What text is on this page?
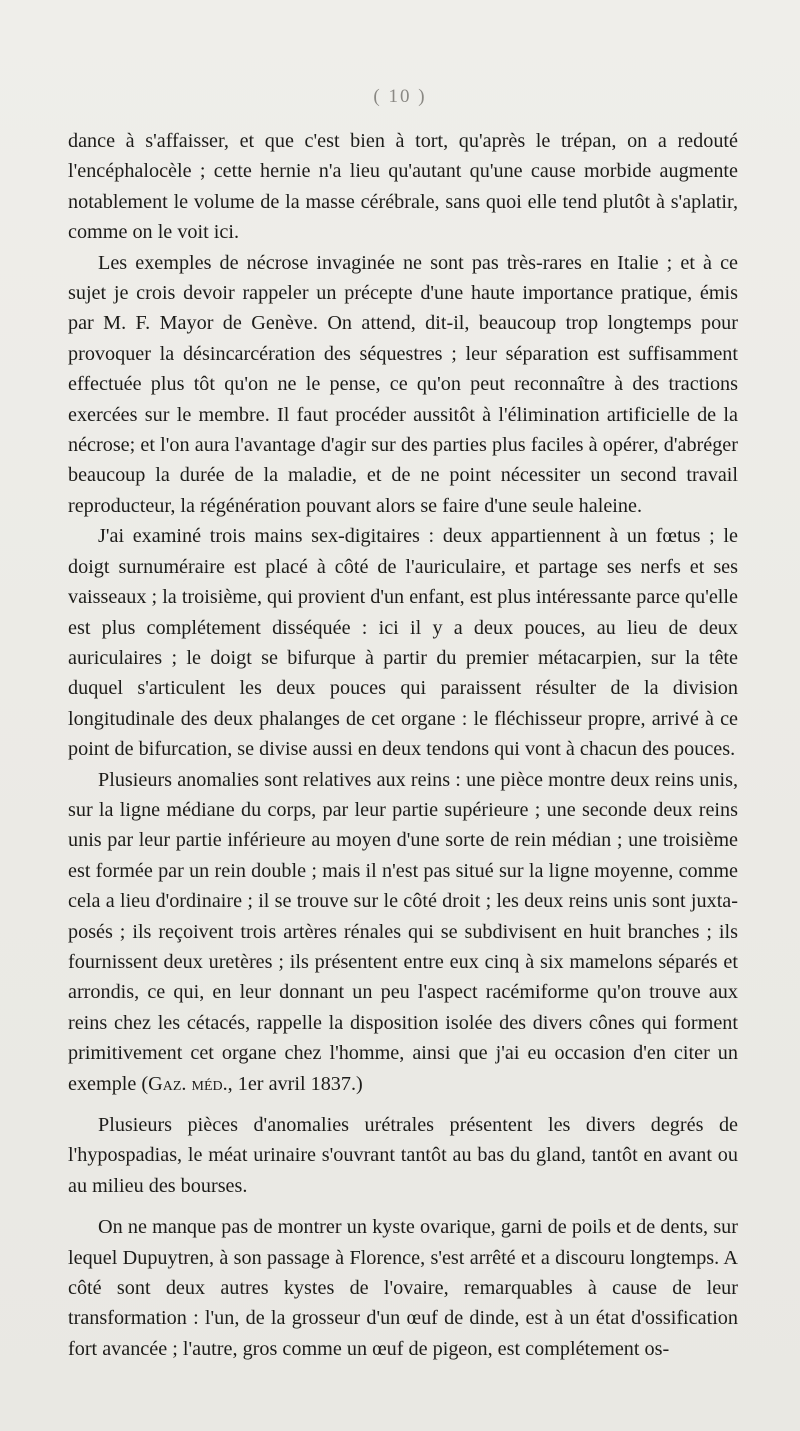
( 10 )

dance à s'affaisser, et que c'est bien à tort, qu'après le trépan, on a redouté l'encéphalocèle ; cette hernie n'a lieu qu'autant qu'une cause morbide augmente notablement le volume de la masse cérébrale, sans quoi elle tend plutôt à s'aplatir, comme on le voit ici.

Les exemples de nécrose invaginée ne sont pas très-rares en Italie ; et à ce sujet je crois devoir rappeler un précepte d'une haute importance pratique, émis par M. F. Mayor de Genève. On attend, dit-il, beaucoup trop longtemps pour provoquer la désincarcération des séquestres ; leur séparation est suffisamment effectuée plus tôt qu'on ne le pense, ce qu'on peut reconnaître à des tractions exercées sur le membre. Il faut procéder aussitôt à l'élimination artificielle de la nécrose; et l'on aura l'avantage d'agir sur des parties plus faciles à opérer, d'abréger beaucoup la durée de la maladie, et de ne point nécessiter un second travail reproducteur, la régénération pouvant alors se faire d'une seule haleine.

J'ai examiné trois mains sex-digitaires : deux appartiennent à un fœtus ; le doigt surnuméraire est placé à côté de l'auriculaire, et partage ses nerfs et ses vaisseaux ; la troisième, qui provient d'un enfant, est plus intéressante parce qu'elle est plus complétement disséquée : ici il y a deux pouces, au lieu de deux auriculaires ; le doigt se bifurque à partir du premier métacarpien, sur la tête duquel s'articulent les deux pouces qui paraissent résulter de la division longitudinale des deux phalanges de cet organe : le fléchisseur propre, arrivé à ce point de bifurcation, se divise aussi en deux tendons qui vont à chacun des pouces.

Plusieurs anomalies sont relatives aux reins : une pièce montre deux reins unis, sur la ligne médiane du corps, par leur partie supérieure ; une seconde deux reins unis par leur partie inférieure au moyen d'une sorte de rein médian ; une troisième est formée par un rein double ; mais il n'est pas situé sur la ligne moyenne, comme cela a lieu d'ordinaire ; il se trouve sur le côté droit ; les deux reins unis sont juxta-posés ; ils reçoivent trois artères rénales qui se subdivisent en huit branches ; ils fournissent deux uretères ; ils présentent entre eux cinq à six mamelons séparés et arrondis, ce qui, en leur donnant un peu l'aspect racémiforme qu'on trouve aux reins chez les cétacés, rappelle la disposition isolée des divers cônes qui forment primitivement cet organe chez l'homme, ainsi que j'ai eu occasion d'en citer un exemple (Gaz. méd., 1er avril 1837.)

Plusieurs pièces d'anomalies urétrales présentent les divers degrés de l'hypospadias, le méat urinaire s'ouvrant tantôt au bas du gland, tantôt en avant ou au milieu des bourses.

On ne manque pas de montrer un kyste ovarique, garni de poils et de dents, sur lequel Dupuytren, à son passage à Florence, s'est arrêté et a discouru longtemps. A côté sont deux autres kystes de l'ovaire, remarquables à cause de leur transformation : l'un, de la grosseur d'un œuf de dinde, est à un état d'ossification fort avancée ; l'autre, gros comme un œuf de pigeon, est complétement os-
